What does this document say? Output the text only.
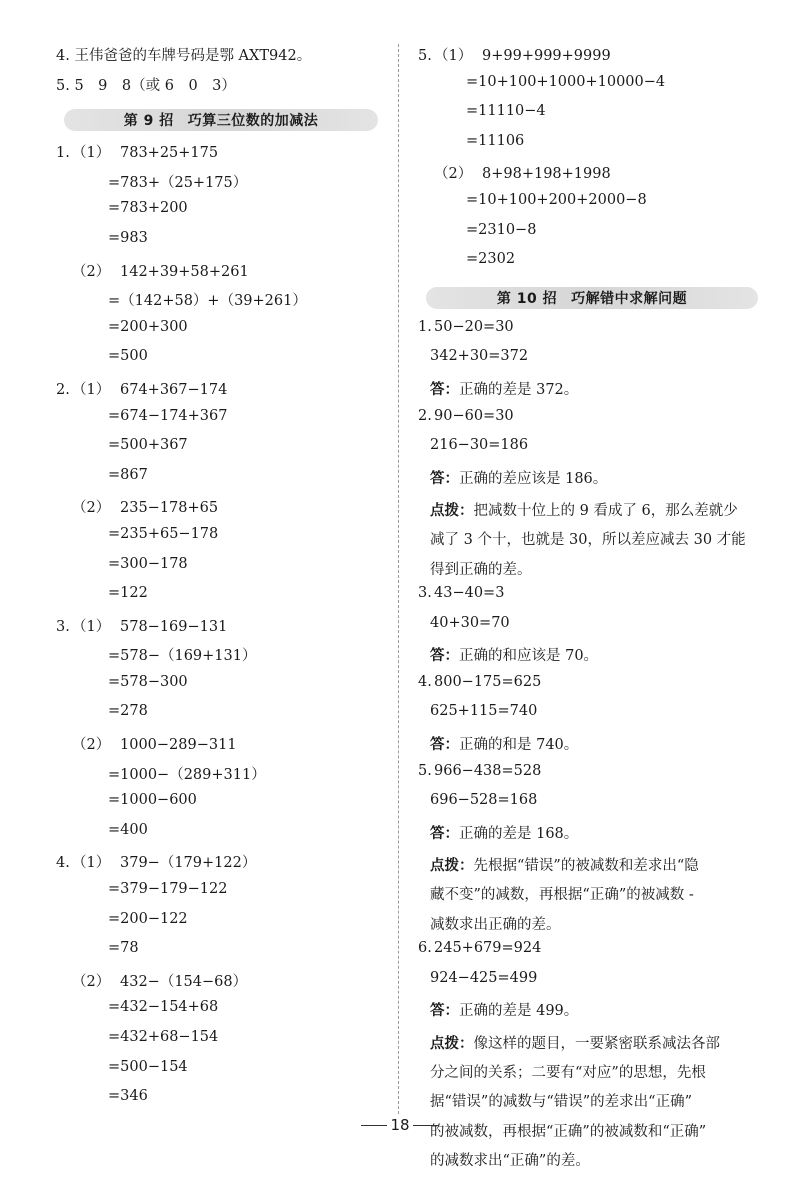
4. 王伟爸爸的车牌号码是鄂 AXT942。
5. 5　9　8（或 6　0　3）
第 9 招 巧算三位数的加减法
1. （1） 783+25+175
=783+（25+175）
=783+200
=983
（2） 142+39+58+261
=（142+58）+（39+261）
=200+300
=500
2. （1） 674+367−174
=674−174+367
=500+367
=867
（2） 235−178+65
=235+65−178
=300−178
=122
3. （1） 578−169−131
=578−（169+131）
=578−300
=278
（2） 1000−289−311
=1000−（289+311）
=1000−600
=400
4. （1） 379−（179+122）
=379−179−122
=200−122
=78
（2） 432−（154−68）
=432−154+68
=432+68−154
=500−154
=346
5. （1） 9+99+999+9999
=10+100+1000+10000−4
=11110−4
=11106
（2） 8+98+198+1998
=10+100+200+2000−8
=2310−8
=2302
第 10 招 巧解错中求解问题
1. 50−20=30
342+30=372
答： 正确的差是 372。
2. 90−60=30
216−30=186
答： 正确的差应该是 186。
点拨：把减数十位上的 9 看成了 6，那么差就少
减了 3 个十，也就是 30，所以差应减去 30 才能
得到正确的差。
3. 43−40=3
40+30=70
答： 正确的和应该是 70。
4. 800−175=625
625+115=740
答： 正确的和是 740。
5. 966−438=528
696−528=168
答： 正确的差是 168。
点拨：先根据“错误”的被减数和差求出“隐
藏不变”的减数，再根据“正确”的被减数 -
减数求出正确的差。
6. 245+679=924
924−425=499
答： 正确的差是 499。
点拨：像这样的题目，一要紧密联系减法各部
分之间的关系；二要有“对应”的思想，先根
据“错误”的减数与“错误”的差求出“正确”
的被减数，再根据“正确”的被减数和“正确”
的减数求出“正确”的差。
18
